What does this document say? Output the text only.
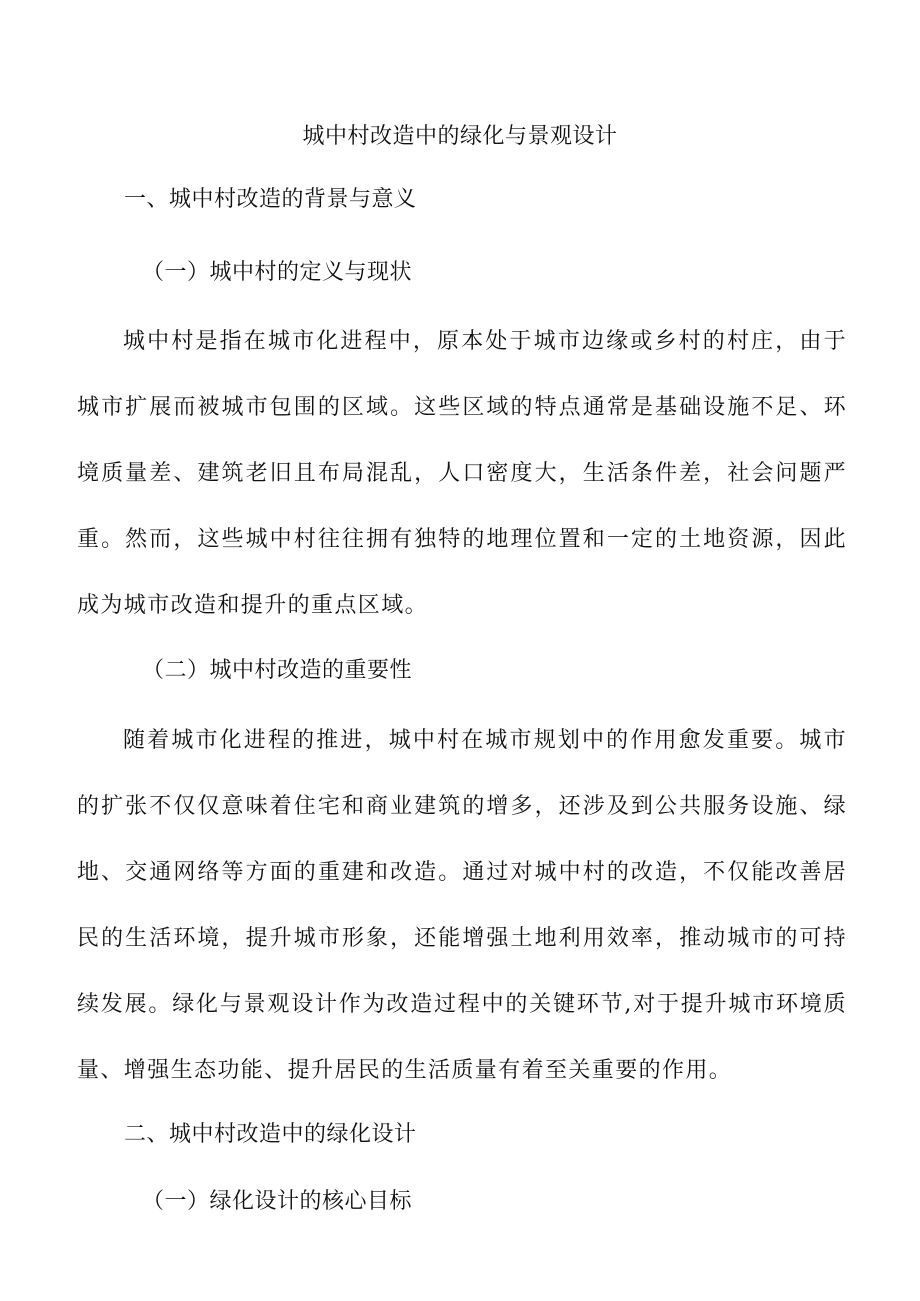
城中村改造中的绿化与景观设计
一、城中村改造的背景与意义
（一）城中村的定义与现状

城中村是指在城市化进程中，原本处于城市边缘或乡村的村庄，由于城市扩展而被城市包围的区域。这些区域的特点通常是基础设施不足、环境质量差、建筑老旧且布局混乱，人口密度大，生活条件差，社会问题严重。然而，这些城中村往往拥有独特的地理位置和一定的土地资源，因此成为城市改造和提升的重点区域。

（二）城中村改造的重要性

随着城市化进程的推进，城中村在城市规划中的作用愈发重要。城市的扩张不仅仅意味着住宅和商业建筑的增多，还涉及到公共服务设施、绿地、交通网络等方面的重建和改造。通过对城中村的改造，不仅能改善居民的生活环境，提升城市形象，还能增强土地利用效率，推动城市的可持续发展。绿化与景观设计作为改造过程中的关键环节,对于提升城市环境质量、增强生态功能、提升居民的生活质量有着至关重要的作用。

二、城中村改造中的绿化设计
（一）绿化设计的核心目标
